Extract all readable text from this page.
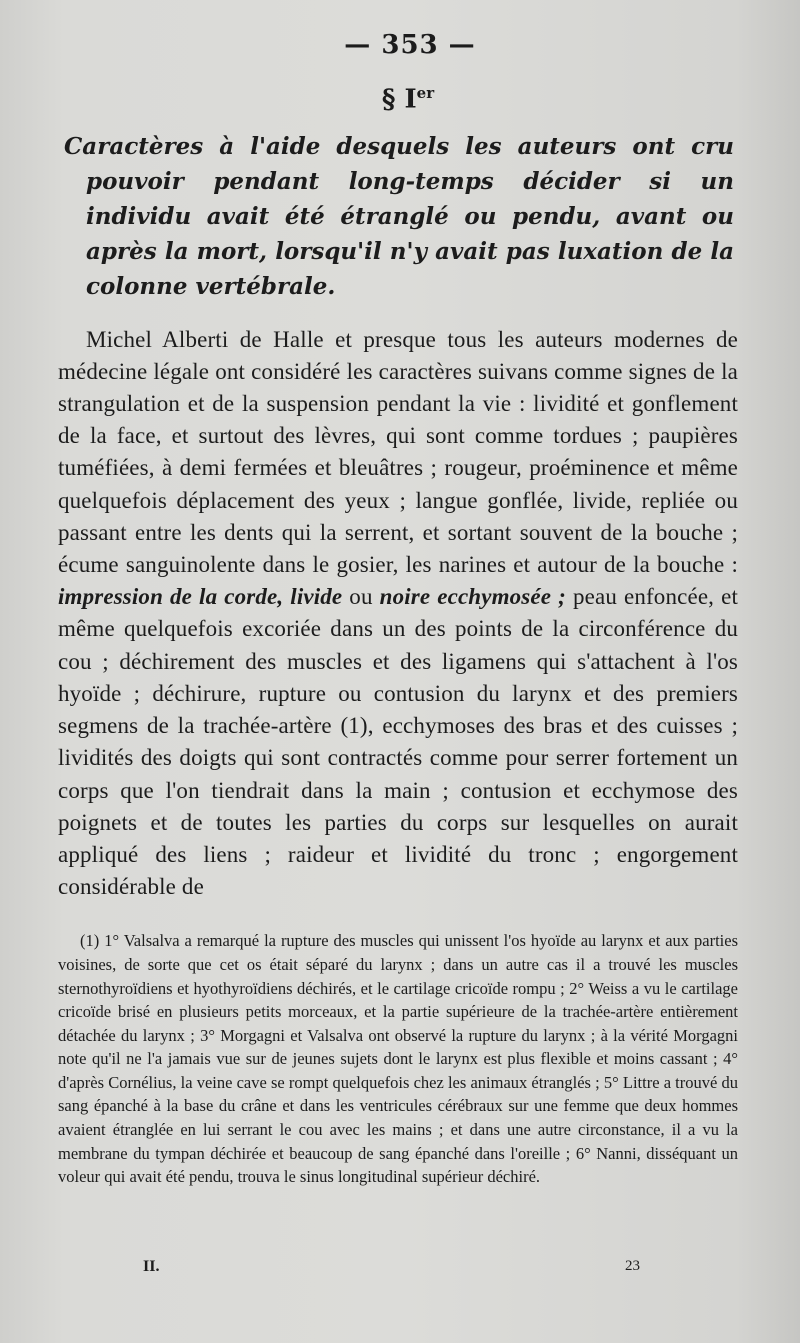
— 353 —
§ Ier
Caractères à l'aide desquels les auteurs ont cru pouvoir pendant long-temps décider si un individu avait été étranglé ou pendu, avant ou après la mort, lorsqu'il n'y avait pas luxation de la colonne vertébrale.
Michel Alberti de Halle et presque tous les auteurs modernes de médecine légale ont considéré les caractères suivans comme signes de la strangulation et de la suspension pendant la vie : lividité et gonflement de la face, et surtout des lèvres, qui sont comme tordues ; paupières tuméfiées, à demi fermées et bleuâtres ; rougeur, proéminence et même quelquefois déplacement des yeux ; langue gonflée, livide, repliée ou passant entre les dents qui la serrent, et sortant souvent de la bouche ; écume sanguinolente dans le gosier, les narines et autour de la bouche : impression de la corde, livide ou noire ecchymosée ; peau enfoncée, et même quelquefois excoriée dans un des points de la circonférence du cou ; déchirement des muscles et des ligamens qui s'attachent à l'os hyoïde ; déchirure, rupture ou contusion du larynx et des premiers segmens de la trachée-artère (1), ecchymoses des bras et des cuisses ; lividités des doigts qui sont contractés comme pour serrer fortement un corps que l'on tiendrait dans la main ; contusion et ecchymose des poignets et de toutes les parties du corps sur lesquelles on aurait appliqué des liens ; raideur et lividité du tronc ; engorgement considérable de
(1) 1° Valsalva a remarqué la rupture des muscles qui unissent l'os hyoïde au larynx et aux parties voisines, de sorte que cet os était séparé du larynx ; dans un autre cas il a trouvé les muscles sternothyroïdiens et hyothyroïdiens déchirés, et le cartilage cricoïde rompu ; 2° Weiss a vu le cartilage cricoïde brisé en plusieurs petits morceaux, et la partie supérieure de la trachée-artère entièrement détachée du larynx ; 3° Morgagni et Valsalva ont observé la rupture du larynx ; à la vérité Morgagni note qu'il ne l'a jamais vue sur de jeunes sujets dont le larynx est plus flexible et moins cassant ; 4° d'après Cornélius, la veine cave se rompt quelquefois chez les animaux étranglés ; 5° Littre a trouvé du sang épanché à la base du crâne et dans les ventricules cérébraux sur une femme que deux hommes avaient étranglée en lui serrant le cou avec les mains ; et dans une autre circonstance, il a vu la membrane du tympan déchirée et beaucoup de sang épanché dans l'oreille ; 6° Nanni, disséquant un voleur qui avait été pendu, trouva le sinus longitudinal supérieur déchiré.
II.	23
